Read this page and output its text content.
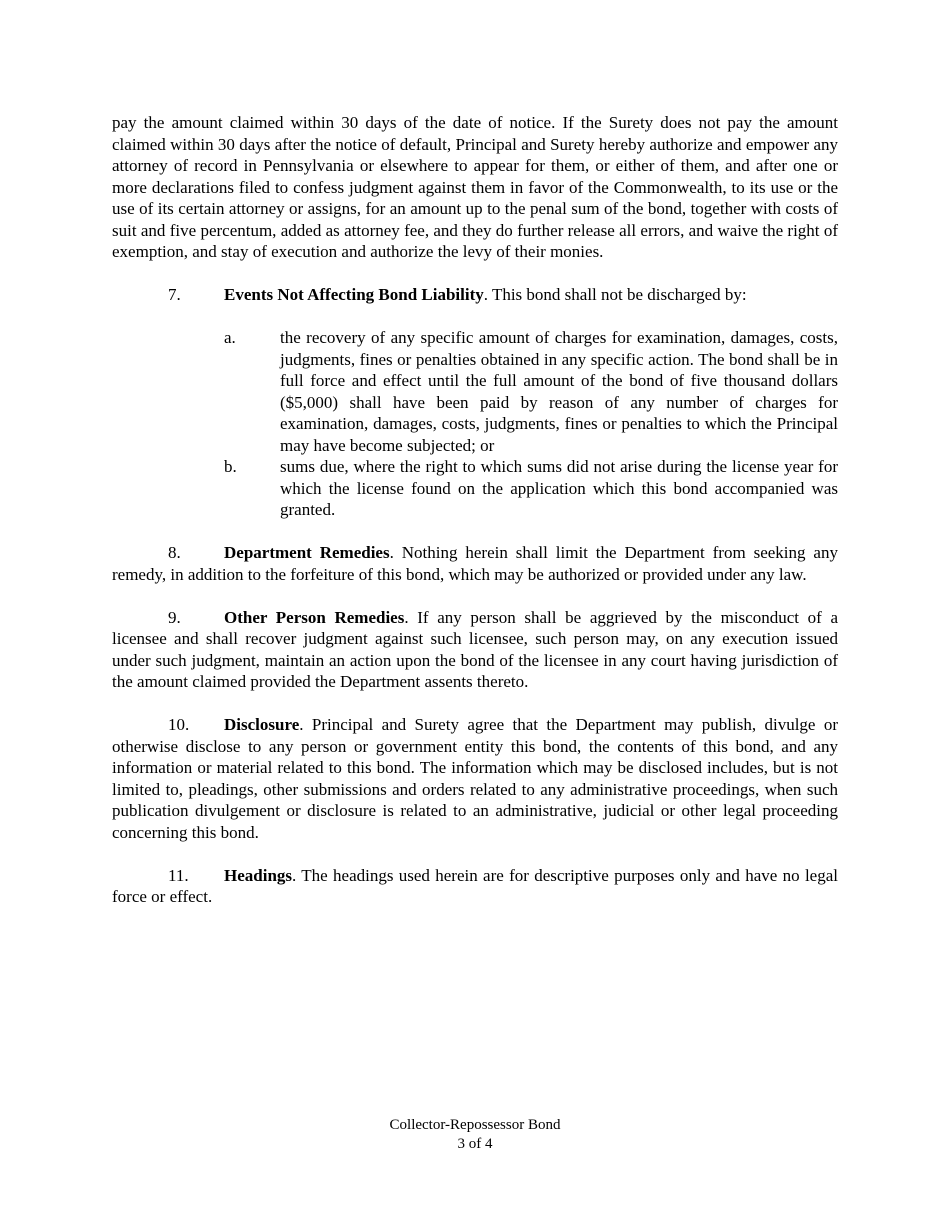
pay the amount claimed within 30 days of the date of notice. If the Surety does not pay the amount claimed within 30 days after the notice of default, Principal and Surety hereby authorize and empower any attorney of record in Pennsylvania or elsewhere to appear for them, or either of them, and after one or more declarations filed to confess judgment against them in favor of the Commonwealth, to its use or the use of its certain attorney or assigns, for an amount up to the penal sum of the bond, together with costs of suit and five percentum, added as attorney fee, and they do further release all errors, and waive the right of exemption, and stay of execution and authorize the levy of their monies.

7.	Events Not Affecting Bond Liability. This bond shall not be discharged by:

a.	the recovery of any specific amount of charges for examination, damages, costs, judgments, fines or penalties obtained in any specific action. The bond shall be in full force and effect until the full amount of the bond of five thousand dollars ($5,000) shall have been paid by reason of any number of charges for examination, damages, costs, judgments, fines or penalties to which the Principal may have become subjected; or
b.	sums due, where the right to which sums did not arise during the license year for which the license found on the application which this bond accompanied was granted.

8.	Department Remedies. Nothing herein shall limit the Department from seeking any remedy, in addition to the forfeiture of this bond, which may be authorized or provided under any law.

9.	Other Person Remedies. If any person shall be aggrieved by the misconduct of a licensee and shall recover judgment against such licensee, such person may, on any execution issued under such judgment, maintain an action upon the bond of the licensee in any court having jurisdiction of the amount claimed provided the Department assents thereto.

10. Disclosure. Principal and Surety agree that the Department may publish, divulge or otherwise disclose to any person or government entity this bond, the contents of this bond, and any information or material related to this bond. The information which may be disclosed includes, but is not limited to, pleadings, other submissions and orders related to any administrative proceedings, when such publication divulgement or disclosure is related to an administrative, judicial or other legal proceeding concerning this bond.

11. Headings. The headings used herein are for descriptive purposes only and have no legal force or effect.

Collector-Repossessor Bond
3 of 4
